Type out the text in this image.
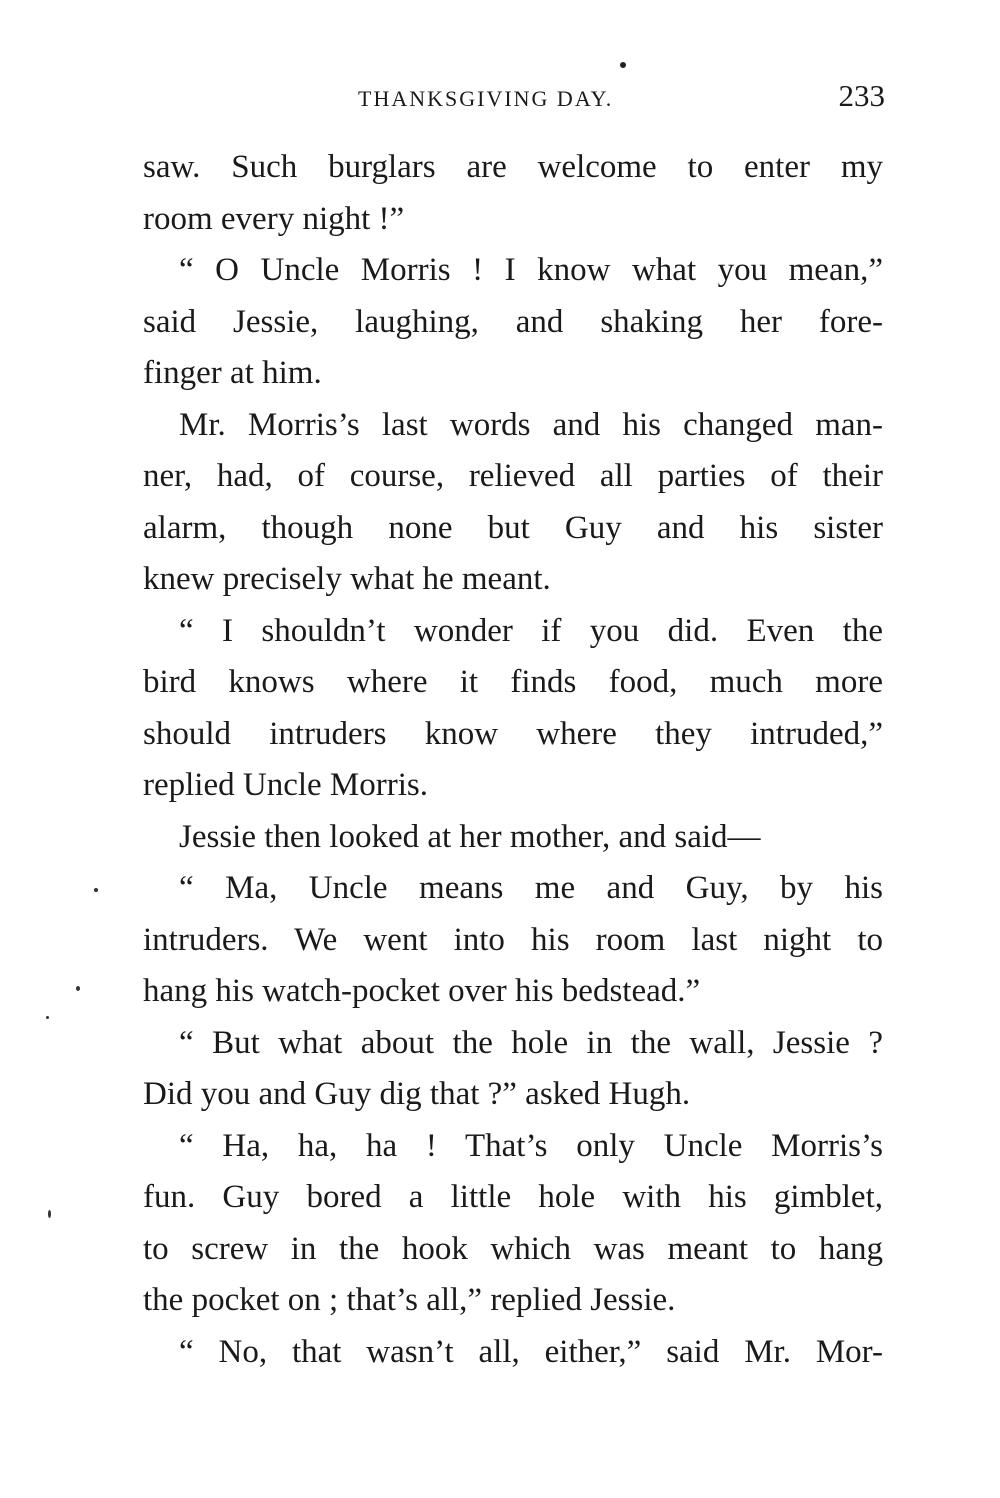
THANKSGIVING DAY.	233
saw. Such burglars are welcome to enter my
room every night !”
“ O Uncle Morris ! I know what you mean,”
said Jessie, laughing, and shaking her fore-
finger at him.
Mr. Morris’s last words and his changed man-
ner, had, of course, relieved all parties of their
alarm, though none but Guy and his sister
knew precisely what he meant.
“ I shouldn’t wonder if you did. Even the
bird knows where it finds food, much more
should intruders know where they intruded,”
replied Uncle Morris.
Jessie then looked at her mother, and said—
“ Ma, Uncle means me and Guy, by his
intruders. We went into his room last night to
hang his watch-pocket over his bedstead.”
“ But what about the hole in the wall, Jessie ?
Did you and Guy dig that ?” asked Hugh.
“ Ha, ha, ha ! That’s only Uncle Morris’s
fun. Guy bored a little hole with his gimblet,
to screw in the hook which was meant to hang
the pocket on ; that’s all,” replied Jessie.
“ No, that wasn’t all, either,” said Mr. Mor-
